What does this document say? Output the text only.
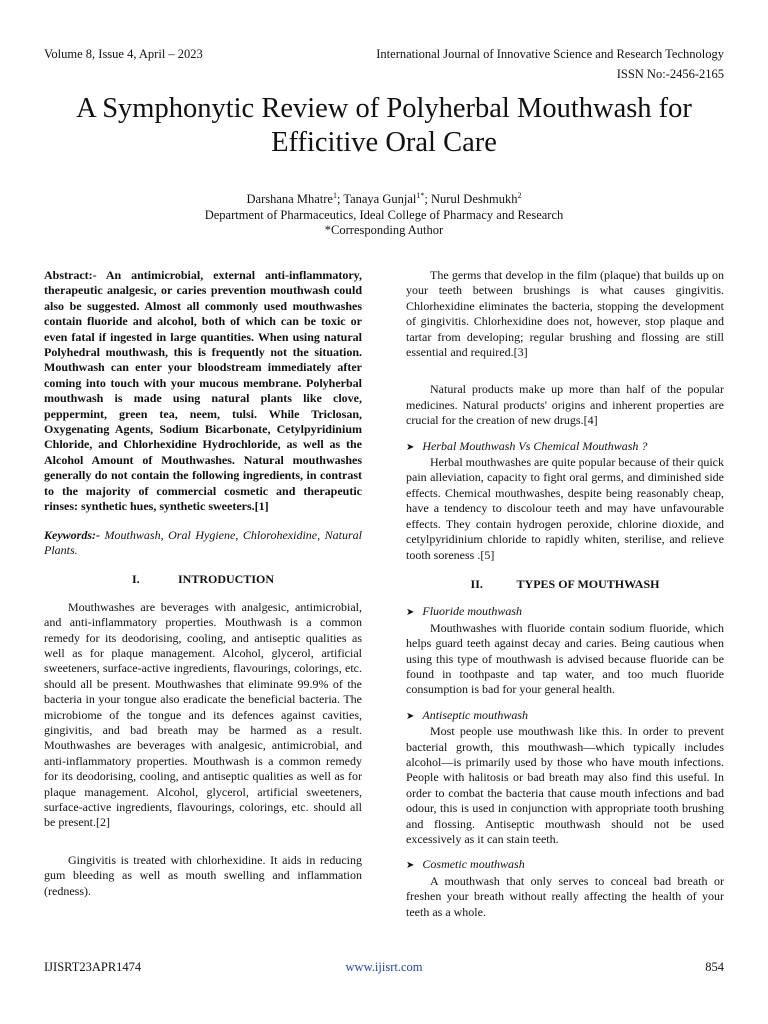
Volume 8, Issue 4, April – 2023	International Journal of Innovative Science and Research Technology
ISSN No:-2456-2165
A Symphonytic Review of Polyherbal Mouthwash for
Efficitive Oral Care
Darshana Mhatre$^1$; Tanaya Gunjal$^{1*}$; Nurul Deshmukh$^2$
Department of Pharmaceutics, Ideal College of Pharmacy and Research
*Corresponding Author

Abstract:- An antimicrobial, external anti-inflammatory, therapeutic analgesic, or caries prevention mouthwash could also be suggested. Almost all commonly used mouthwashes contain fluoride and alcohol, both of which can be toxic or even fatal if ingested in large quantities. When using natural Polyhedral mouthwash, this is frequently not the situation. Mouthwash can enter your bloodstream immediately after coming into touch with your mucous membrane. Polyherbal mouthwash is made using natural plants like clove, peppermint, green tea, neem, tulsi. While Triclosan, Oxygenating Agents, Sodium Bicarbonate, Cetylpyridinium Chloride, and Chlorhexidine Hydrochloride, as well as the Alcohol Amount of Mouthwashes. Natural mouthwashes generally do not contain the following ingredients, in contrast to the majority of commercial cosmetic and therapeutic rinses: synthetic hues, synthetic sweeters.[1]

Keywords:- Mouthwash, Oral Hygiene, Chlorohexidine, Natural Plants.

I.	INTRODUCTION

Mouthwashes are beverages with analgesic, antimicrobial, and anti-inflammatory properties. Mouthwash is a common remedy for its deodorising, cooling, and antiseptic qualities as well as for plaque management. Alcohol, glycerol, artificial sweeteners, surface-active ingredients, flavourings, colorings, etc. should all be present. Mouthwashes that eliminate 99.9% of the bacteria in your tongue also eradicate the beneficial bacteria. The microbiome of the tongue and its defences against cavities, gingivitis, and bad breath may be harmed as a result. Mouthwashes are beverages with analgesic, antimicrobial, and anti-inflammatory properties. Mouthwash is a common remedy for its deodorising, cooling, and antiseptic qualities as well as for plaque management. Alcohol, glycerol, artificial sweeteners, surface-active ingredients, flavourings, colorings, etc. should all be present.[2]

Gingivitis is treated with chlorhexidine. It aids in reducing gum bleeding as well as mouth swelling and inflammation (redness).

The germs that develop in the film (plaque) that builds up on your teeth between brushings is what causes gingivitis. Chlorhexidine eliminates the bacteria, stopping the development of gingivitis. Chlorhexidine does not, however, stop plaque and tartar from developing; regular brushing and flossing are still essential and required.[3]

Natural products make up more than half of the popular medicines. Natural products' origins and inherent properties are crucial for the creation of new drugs.[4]

➤ Herbal Mouthwash Vs Chemical Mouthwash ?

Herbal mouthwashes are quite popular because of their quick pain alleviation, capacity to fight oral germs, and diminished side effects. Chemical mouthwashes, despite being reasonably cheap, have a tendency to discolour teeth and may have unfavourable effects. They contain hydrogen peroxide, chlorine dioxide, and cetylpyridinium chloride to rapidly whiten, sterilise, and relieve tooth soreness .[5]

II.	TYPES OF MOUTHWASH

➤ Fluoride mouthwash

Mouthwashes with fluoride contain sodium fluoride, which helps guard teeth against decay and caries. Being cautious when using this type of mouthwash is advised because fluoride can be found in toothpaste and tap water, and too much fluoride consumption is bad for your general health.

➤ Antiseptic mouthwash

Most people use mouthwash like this. In order to prevent bacterial growth, this mouthwash—which typically includes alcohol—is primarily used by those who have mouth infections. People with halitosis or bad breath may also find this useful. In order to combat the bacteria that cause mouth infections and bad odour, this is used in conjunction with appropriate tooth brushing and flossing. Antiseptic mouthwash should not be used excessively as it can stain teeth.

➤ Cosmetic mouthwash

A mouthwash that only serves to conceal bad breath or freshen your breath without really affecting the health of your teeth as a whole.

IJISRT23APR1474	www.ijisrt.com	854
